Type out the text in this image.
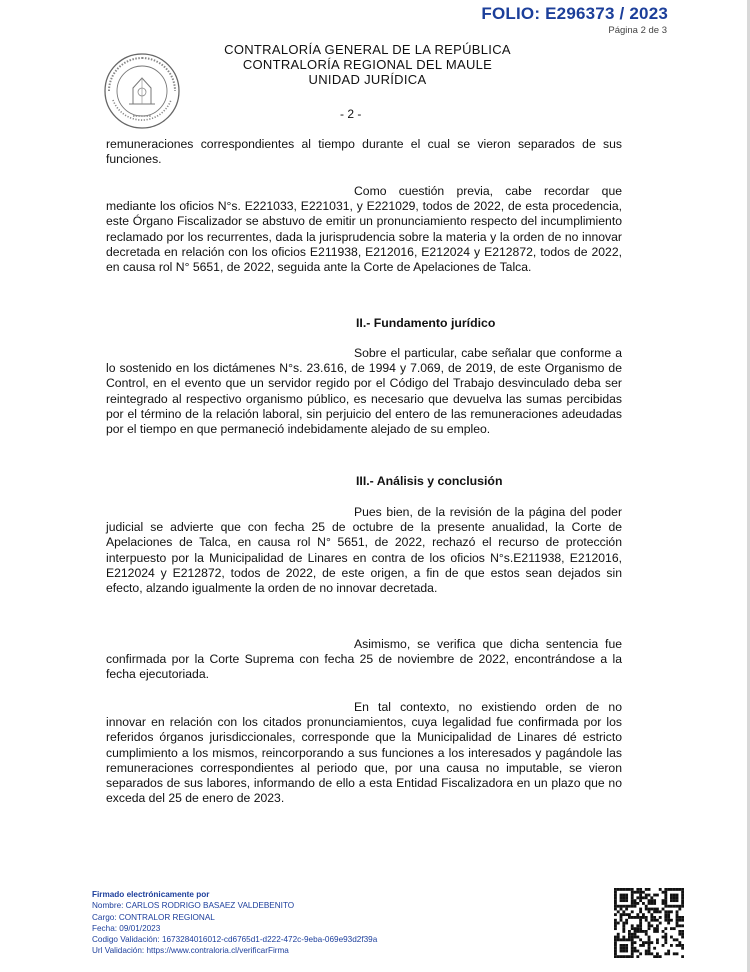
FOLIO: E296373 / 2023
Página 2 de 3
CONTRALORÍA GENERAL DE LA REPÚBLICA
CONTRALORÍA REGIONAL DEL MAULE
UNIDAD JURÍDICA
- 2 -

remuneraciones correspondientes al tiempo durante el cual se vieron separados de sus funciones.

Como cuestión previa, cabe recordar que mediante los oficios N°s. E221033, E221031, y E221029, todos de 2022, de esta procedencia, este Órgano Fiscalizador se abstuvo de emitir un pronunciamiento respecto del incumplimiento reclamado por los recurrentes, dada la jurisprudencia sobre la materia y la orden de no innovar decretada en relación con los oficios E211938, E212016, E212024 y E212872, todos de 2022, en causa rol N° 5651, de 2022, seguida ante la Corte de Apelaciones de Talca.

II.- Fundamento jurídico

Sobre el particular, cabe señalar que conforme a lo sostenido en los dictámenes N°s. 23.616, de 1994 y 7.069, de 2019, de este Organismo de Control, en el evento que un servidor regido por el Código del Trabajo desvinculado deba ser reintegrado al respectivo organismo público, es necesario que devuelva las sumas percibidas por el término de la relación laboral, sin perjuicio del entero de las remuneraciones adeudadas por el tiempo en que permaneció indebidamente alejado de su empleo.

III.- Análisis y conclusión

Pues bien, de la revisión de la página del poder judicial se advierte que con fecha 25 de octubre de la presente anualidad, la Corte de Apelaciones de Talca, en causa rol N° 5651, de 2022, rechazó el recurso de protección interpuesto por la Municipalidad de Linares en contra de los oficios N°s.E211938, E212016, E212024 y E212872, todos de 2022, de este origen, a fin de que estos sean dejados sin efecto, alzando igualmente la orden de no innovar decretada.

Asimismo, se verifica que dicha sentencia fue confirmada por la Corte Suprema con fecha 25 de noviembre de 2022, encontrándose a la fecha ejecutoriada.

En tal contexto, no existiendo orden de no innovar en relación con los citados pronunciamientos, cuya legalidad fue confirmada por los referidos órganos jurisdiccionales, corresponde que la Municipalidad de Linares dé estricto cumplimiento a los mismos, reincorporando a sus funciones a los interesados y pagándole las remuneraciones correspondientes al periodo que, por una causa no imputable, se vieron separados de sus labores, informando de ello a esta Entidad Fiscalizadora en un plazo que no exceda del 25 de enero de 2023.

Firmado electrónicamente por
Nombre: CARLOS RODRIGO BASAEZ VALDEBENITO
Cargo: CONTRALOR REGIONAL
Fecha: 09/01/2023
Codigo Validación: 1673284016012-cd6765d1-d222-472c-9eba-069e93d2f39a
Url Validación: https://www.contraloria.cl/verificarFirma
